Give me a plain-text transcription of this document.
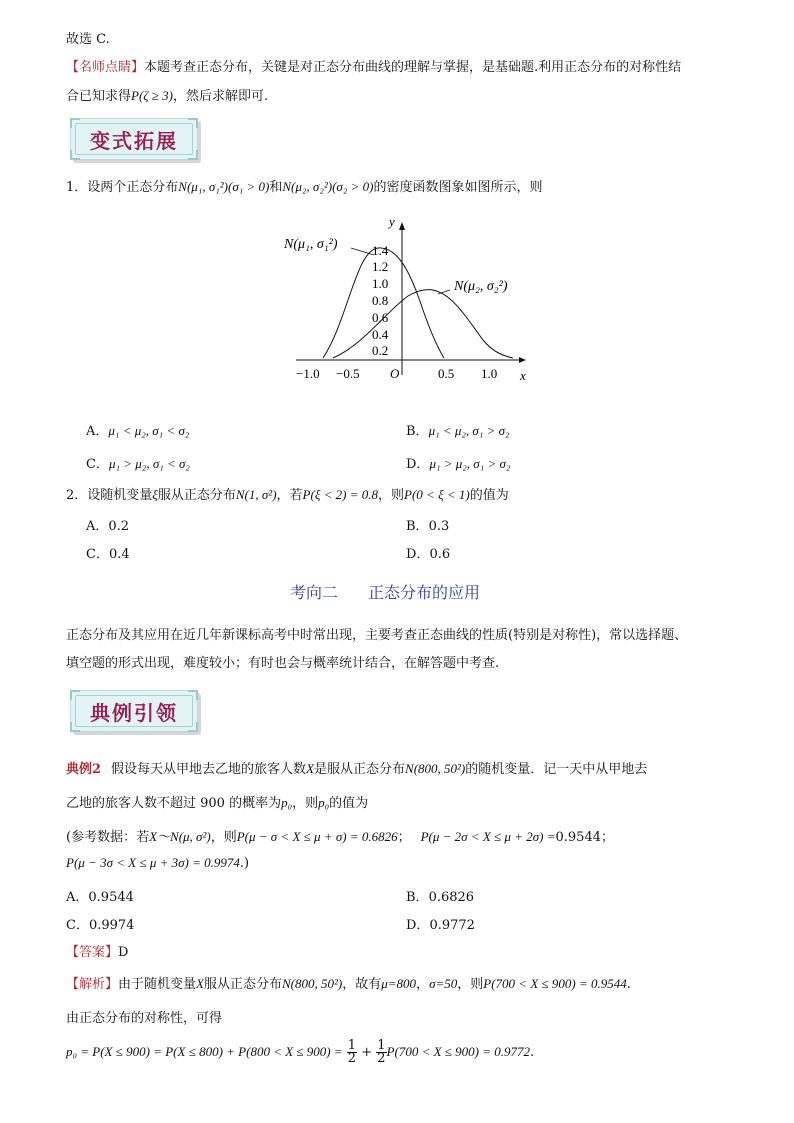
故选 C.
【名师点睛】本题考查正态分布，关键是对正态分布曲线的理解与掌握，是基础题.利用正态分布的对称性结
合已知求得P(ζ ≥ 3)，然后求解即可.
变式拓展
1．设两个正态分布N(μ₁, σ₁²)(σ₁ > 0)和N(μ₂, σ₂²)(σ₂ > 0)的密度函数图象如图所示，则
y
x
O
1.4
1.2
1.0
0.8
0.6
0.4
0.2
−1.0 −0.5	0.5 1.0
N(μ₁, σ₁²)
N(μ₂, σ₂²)
A．μ₁ < μ₂, σ₁ < σ₂	B．μ₁ < μ₂, σ₁ > σ₂
C．μ₁ > μ₂, σ₁ < σ₂	D．μ₁ > μ₂, σ₁ > σ₂
2．设随机变量ξ服从正态分布N(1, σ²)，若P(ξ < 2) = 0.8，则P(0 < ξ < 1)的值为
A．0.2	B．0.3
C．0.4	D．0.6
考向二 正态分布的应用
正态分布及其应用在近几年新课标高考中时常出现，主要考查正态曲线的性质(特别是对称性)，常以选择题、
填空题的形式出现，难度较小；有时也会与概率统计结合，在解答题中考查.
典例引领
典例2 假设每天从甲地去乙地的旅客人数X是服从正态分布N(800, 50²)的随机变量．记一天中从甲地去
乙地的旅客人数不超过 900 的概率为p₀，则p₀的值为
(参考数据：若X～N(μ, σ²)，则P(μ − σ < X ≤ μ + σ) = 0.6826； P(μ − 2σ < X ≤ μ + 2σ) =0.9544；
P(μ − 3σ < X ≤ μ + 3σ) = 0.9974.)
A．0.9544	B．0.6826
C．0.9974	D．0.9772
【答案】D
【解析】由于随机变量X服从正态分布N(800, 50²)，故有μ=800，σ=50，则P(700 < X ≤ 900) = 0.9544.
由正态分布的对称性，可得
$p_0 = P(X \le 900) = P(X \le 800) + P(800 < X \le 900) = \frac{1}{2} + \frac{1}{2} P(700 < X \le 900) = 0.9772$.
